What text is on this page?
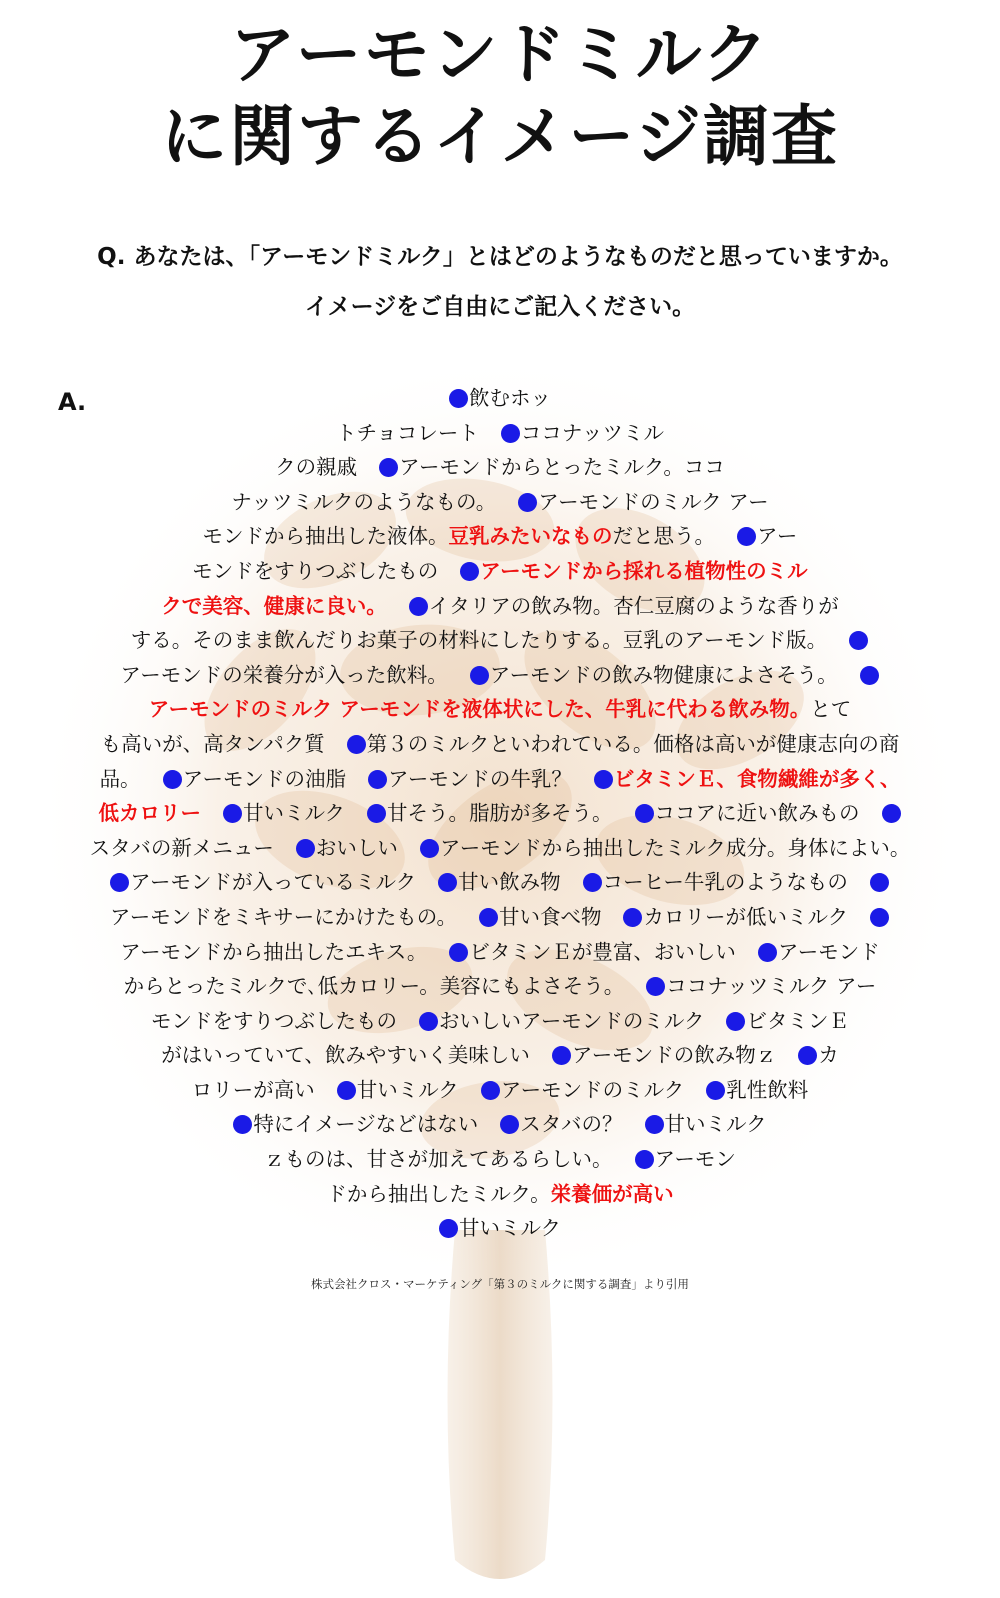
アーモンドミルク
に関するイメージ調査
Q. あなたは、「アーモンドミルク」とはどのようなものだと思っていますか。
イメージをご自由にご記入ください。
A.	飲むホッ
トチョコレート ココナッツミル
クの親戚 アーモンドからとったミルク。ココ
ナッツミルクのようなもの。 アーモンドのミルク アー
モンドから抽出した液体。豆乳みたいなものだと思う。 アー
モンドをすりつぶしたもの アーモンドから採れる植物性のミル
クで美容、健康に良い。 イタリアの飲み物。杏仁豆腐のような香りが
する。そのまま飲んだりお菓子の材料にしたりする。豆乳のアーモンド版。
アーモンドの栄養分が入った飲料。 アーモンドの飲み物健康によさそう。
アーモンドのミルク アーモンドを液体状にした、牛乳に代わる飲み物。とて
も高いが、高タンパク質 第３のミルクといわれている。価格は高いが健康志向の商
品。 アーモンドの油脂 アーモンドの牛乳？ ビタミンＥ、食物繊維が多く、
低カロリー 甘いミルク 甘そう。脂肪が多そう。 ココアに近い飲みもの
スタバの新メニュー おいしい アーモンドから抽出したミルク成分。身体によい。
アーモンドが入っているミルク 甘い飲み物 コーヒー牛乳のようなもの
アーモンドをミキサーにかけたもの。 甘い食べ物 カロリーが低いミルク
アーモンドから抽出したエキス。 ビタミンＥが豊富、おいしい アーモンド
からとったミルクで､低カロリー。美容にもよさそう。 ココナッツミルク アー
モンドをすりつぶしたもの おいしいアーモンドのミルク ビタミンＥ
がはいっていて、飲みやすいく美味しい アーモンドの飲み物ｚ カ
ロリーが高い 甘いミルク アーモンドのミルク 乳性飲料
特にイメージなどはない スタバの？ 甘いミルク
ｚものは、甘さが加えてあるらしい。 アーモン
ドから抽出したミルク。栄養価が高い
甘いミルク
株式会社クロス・マーケティング「第３のミルクに関する調査」より引用
